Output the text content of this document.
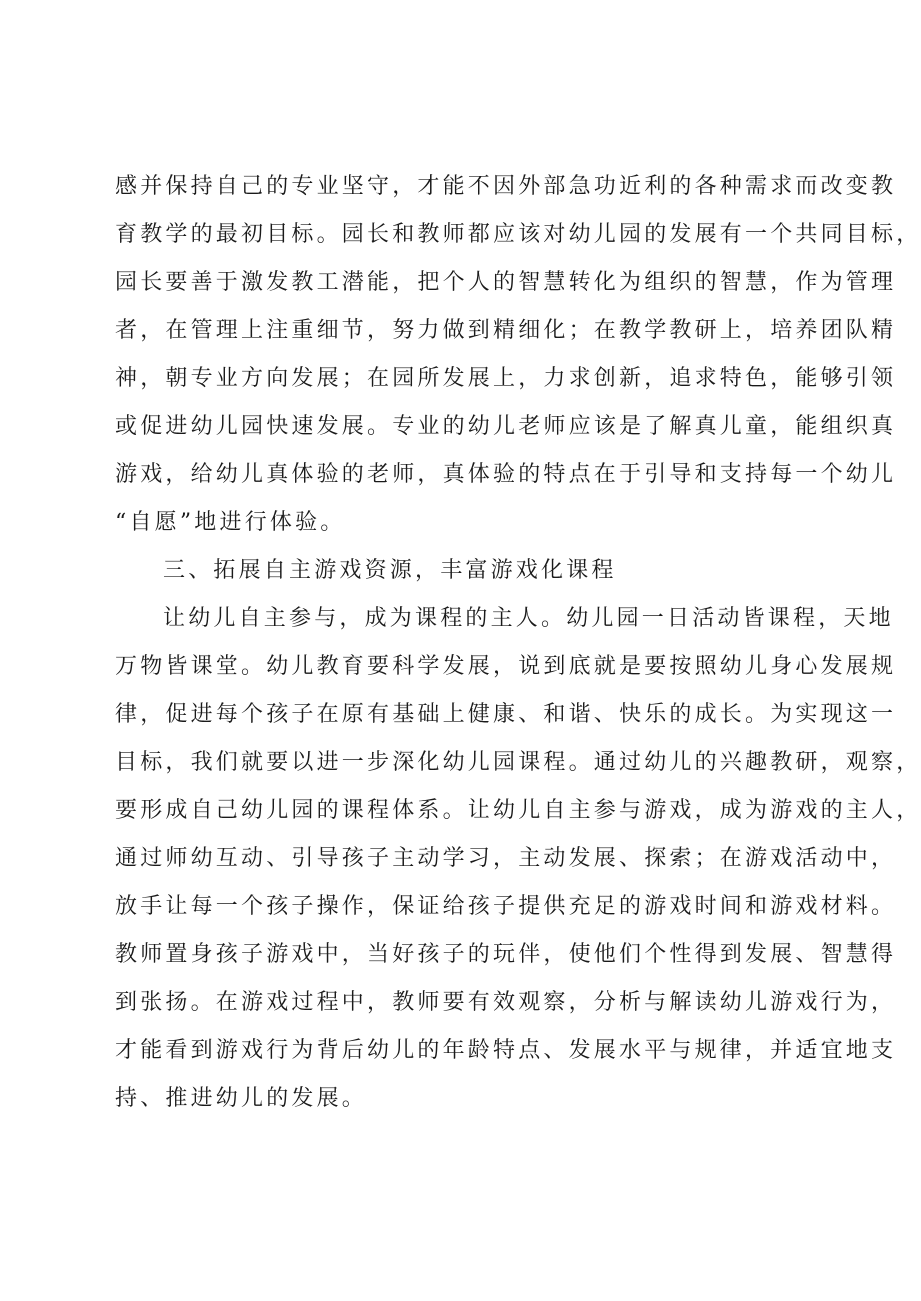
感并保持自己的专业坚守，才能不因外部急功近利的各种需求而改变教
育教学的最初目标。园长和教师都应该对幼儿园的发展有一个共同目标，
园长要善于激发教工潜能，把个人的智慧转化为组织的智慧，作为管理
者，在管理上注重细节，努力做到精细化；在教学教研上，培养团队精
神，朝专业方向发展；在园所发展上，力求创新，追求特色，能够引领
或促进幼儿园快速发展。专业的幼儿老师应该是了解真儿童，能组织真
游戏，给幼儿真体验的老师，真体验的特点在于引导和支持每一个幼儿
“自愿”地进行体验。
三、拓展自主游戏资源，丰富游戏化课程
让幼儿自主参与，成为课程的主人。幼儿园一日活动皆课程，天地
万物皆课堂。幼儿教育要科学发展，说到底就是要按照幼儿身心发展规
律，促进每个孩子在原有基础上健康、和谐、快乐的成长。为实现这一
目标，我们就要以进一步深化幼儿园课程。通过幼儿的兴趣教研，观察，
要形成自己幼儿园的课程体系。让幼儿自主参与游戏，成为游戏的主人，
通过师幼互动、引导孩子主动学习，主动发展、探索；在游戏活动中，
放手让每一个孩子操作，保证给孩子提供充足的游戏时间和游戏材料。
教师置身孩子游戏中，当好孩子的玩伴，使他们个性得到发展、智慧得
到张扬。在游戏过程中，教师要有效观察，分析与解读幼儿游戏行为，
才能看到游戏行为背后幼儿的年龄特点、发展水平与规律，并适宜地支
持、推进幼儿的发展。
